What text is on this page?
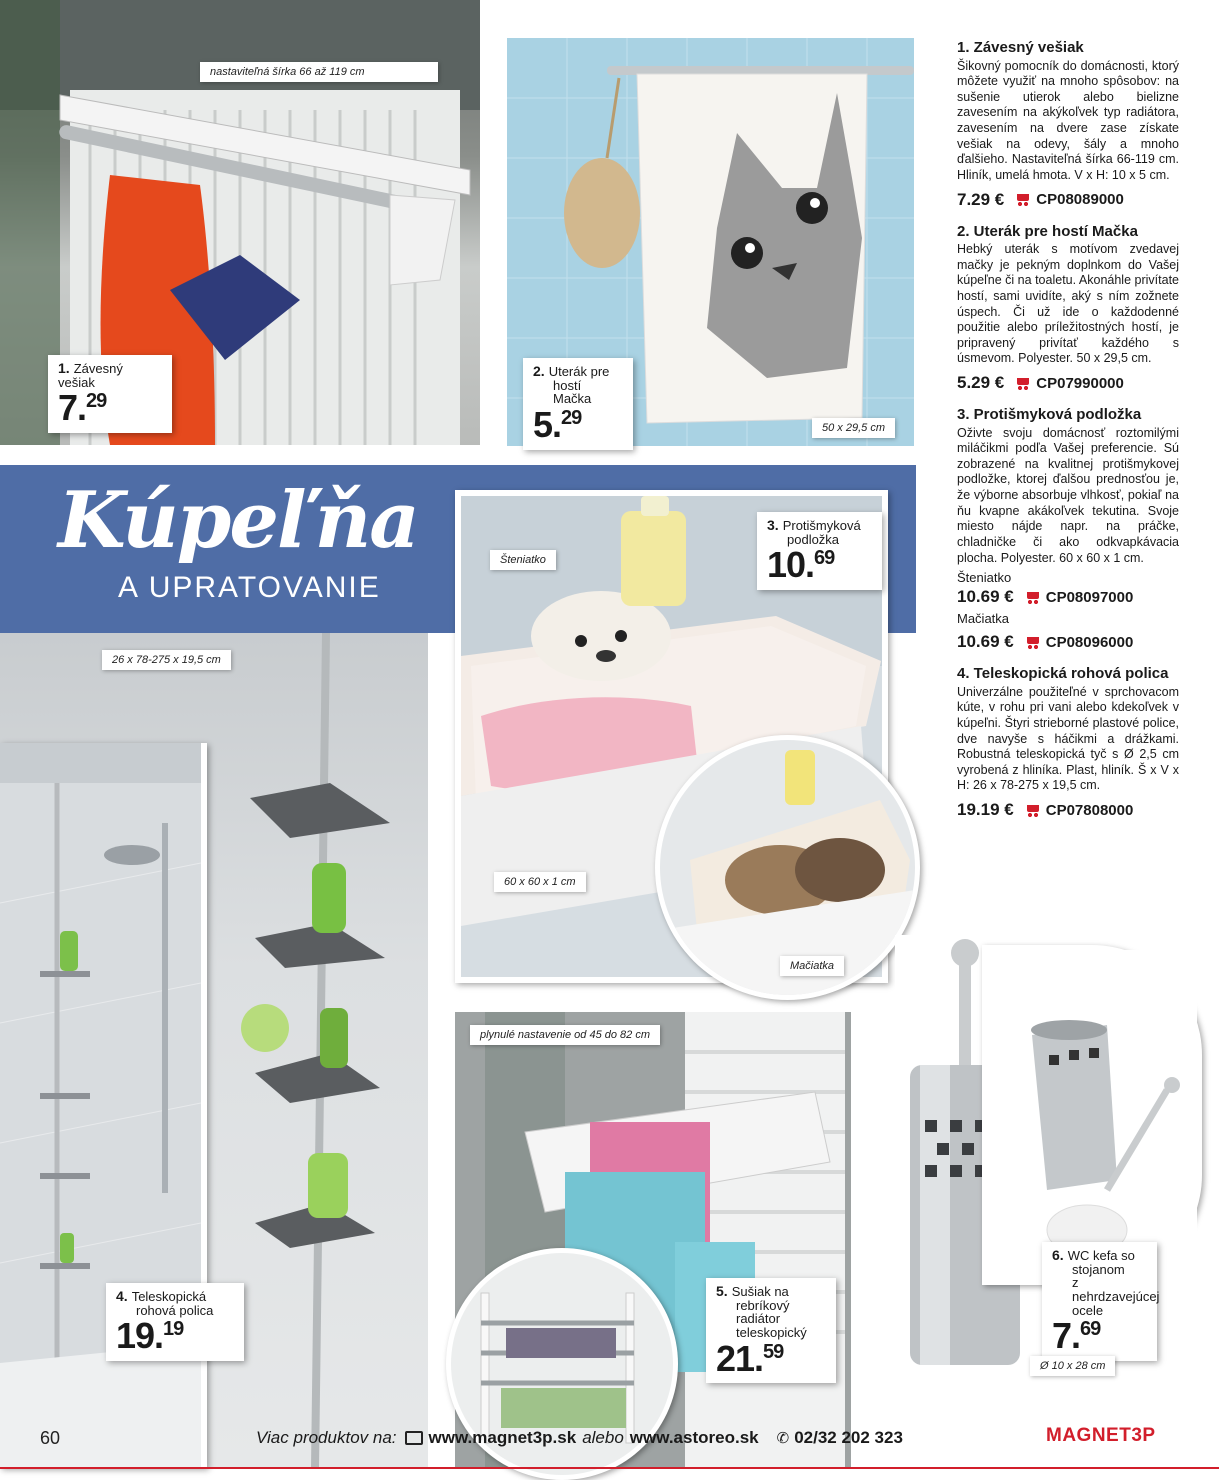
nastaviteľná šírka 66 až 119 cm
1. Závesný vešiak
7.29
2. Uterák pre
hostí Mačka
5.29	50 x 29,5 cm
Kúpeľňa
A UPRATOVANIE
Šteniatko
60 x 60 x 1 cm
3. Protišmyková
podložka
10.69
Mačiatka
26 x 78-275 x 19,5 cm
4. Teleskopická
rohová polica
19.19
plynulé nastavenie od 45 do 82 cm
5. Sušiak na
rebríkový radiátor
teleskopický
21.59
6. WC kefa so
stojanom
z nehrdzavejúcej
ocele
7.69
Ø 10 x 28 cm
1. Závesný vešiak

Šikovný pomocník do domácnosti, ktorý môžete využiť na mnoho spôsobov: na sušenie utierok alebo bielizne zavesením na akýkoľvek typ radiátora, zavesením na dvere zase získate vešiak na odevy, šály a mnoho ďalšieho. Nastaviteľná šírka 66-119 cm. Hliník, umelá hmota. V x H: 10 x 5 cm.

7.29 € CP08089000
2. Uterák pre hostí Mačka

Hebký uterák s motívom zvedavej mačky je pekným doplnkom do Vašej kúpeľne či na toaletu. Akonáhle privítate hostí, sami uvidíte, aký s ním zožnete úspech. Či už ide o každodenné použitie alebo príležitostných hostí, je pripravený privítať každého s úsmevom. Polyester. 50 x 29,5 cm.

5.29 € CP07990000
3. Protišmyková podložka

Oživte svoju domácnosť roztomilými miláčikmi podľa Vašej preferencie. Sú zobrazené na kvalitnej protišmykovej podložke, ktorej ďalšou prednosťou je, že výborne absorbuje vlhkosť, pokiaľ na ňu kvapne akákoľvek tekutina. Svoje miesto nájde napr. na práčke, chladničke či ako odkvapkávacia plocha. Polyester. 60 x 60 x 1 cm.

Šteniatko
10.69 € CP08097000
Mačiatka
10.69 € CP08096000
4. Teleskopická rohová polica

Univerzálne použiteľné v sprchovacom kúte, v rohu pri vani alebo kdekoľvek v kúpeľni. Štyri strieborné plastové police, dve navyše s háčikmi a drážkami. Robustná teleskopická tyč s Ø 2,5 cm vyrobená z hliníka. Plast, hliník. Š x V x H: 26 x 78-275 x 19,5 cm.

19.19 € CP07808000
60	Viac produktov na: www.magnet3p.sk alebo www.astoreo.sk ✆ 02/32 202 323	MAGNET3P
